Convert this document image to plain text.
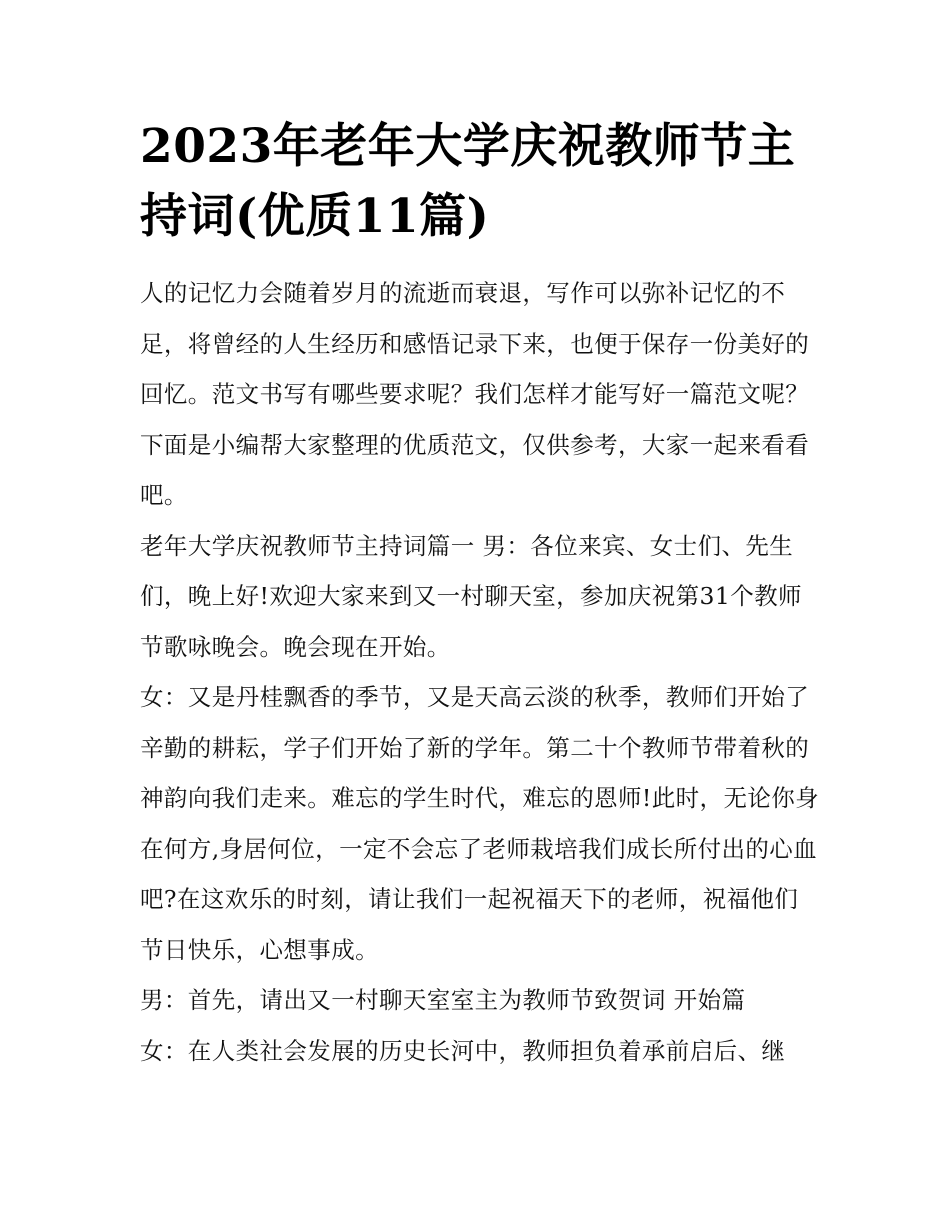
2023年老年大学庆祝教师节主持词(优质11篇)

人的记忆力会随着岁月的流逝而衰退，写作可以弥补记忆的不足，将曾经的人生经历和感悟记录下来，也便于保存一份美好的回忆。范文书写有哪些要求呢？我们怎样才能写好一篇范文呢？下面是小编帮大家整理的优质范文，仅供参考，大家一起来看看吧。

老年大学庆祝教师节主持词篇一 男：各位来宾、女士们、先生们，晚上好!欢迎大家来到又一村聊天室，参加庆祝第31个教师节歌咏晚会。晚会现在开始。

女：又是丹桂飘香的季节，又是天高云淡的秋季，教师们开始了辛勤的耕耘，学子们开始了新的学年。第二十个教师节带着秋的神韵向我们走来。难忘的学生时代，难忘的恩师!此时，无论你身在何方,身居何位，一定不会忘了老师栽培我们成长所付出的心血吧?在这欢乐的时刻，请让我们一起祝福天下的老师，祝福他们节日快乐，心想事成。

男：首先，请出又一村聊天室室主为教师节致贺词 开始篇

女：在人类社会发展的历史长河中，教师担负着承前启后、继
